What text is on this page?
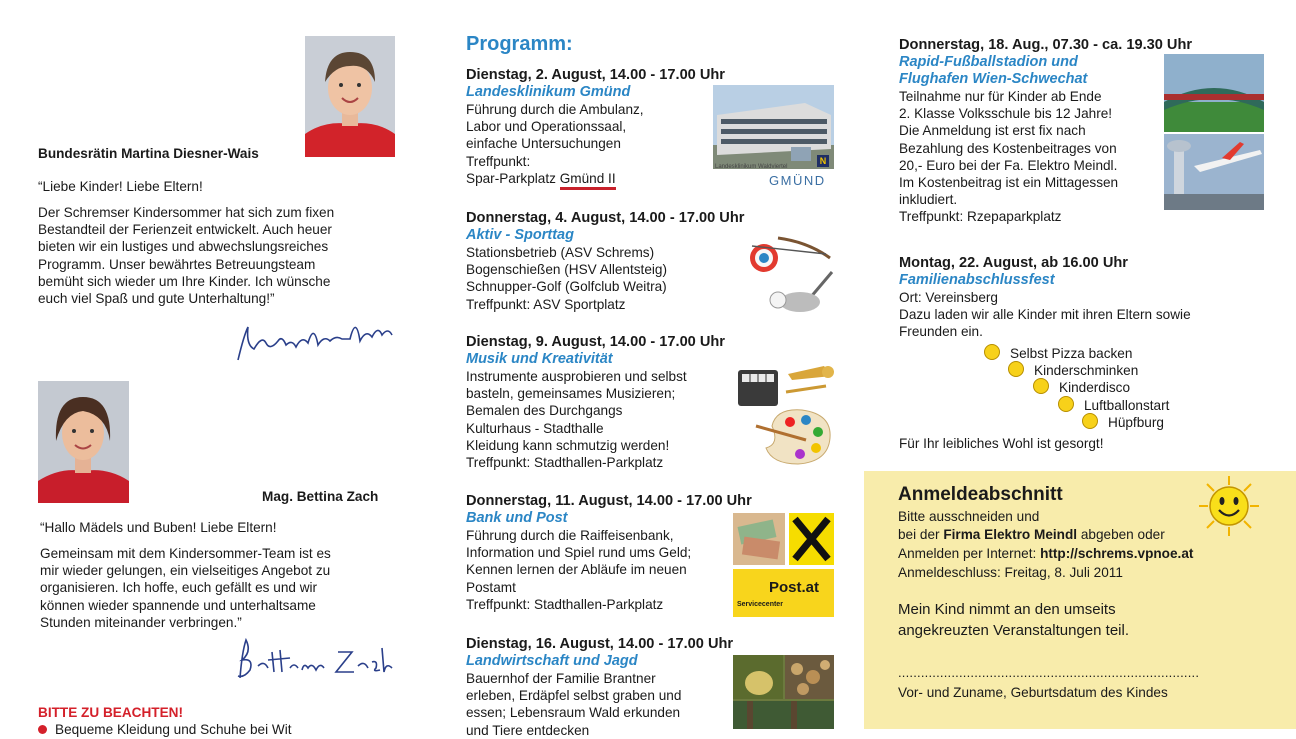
Bundesrätin Martina Diesner-Wais
“Liebe Kinder! Liebe Eltern!
Der Schremser Kindersommer hat sich zum fixen
Bestandteil der Ferienzeit entwickelt. Auch heuer
bieten wir ein lustiges und abwechslungsreiches
Programm. Unser bewährtes Betreuungsteam
bemüht sich wieder um Ihre Kinder. Ich wünsche
euch viel Spaß und gute Unterhaltung!”
Mag. Bettina Zach
“Hallo Mädels und Buben! Liebe Eltern!
Gemeinsam mit dem Kindersommer-Team ist es
mir wieder gelungen, ein vielseitiges Angebot zu
organisieren. Ich hoffe, euch gefällt es und wir
können wieder spannende und unterhaltsame
Stunden miteinander verbringen.”
BITTE ZU BEACHTEN!
Bequeme Kleidung und Schuhe bei Wit
Programm:
Dienstag, 2. August, 14.00 - 17.00 Uhr
Landesklinikum Gmünd
Führung durch die Ambulanz,
Labor und Operationssaal,
einfache Untersuchungen
Treffpunkt:
Spar-Parkplatz Gmünd II
Landesklinikum Waldviertel
N
GMÜND
Donnerstag, 4. August, 14.00 - 17.00 Uhr
Aktiv - Sporttag
Stationsbetrieb (ASV Schrems)
Bogenschießen (HSV Allentsteig)
Schnupper-Golf (Golfclub Weitra)
Treffpunkt: ASV Sportplatz
Dienstag, 9. August, 14.00 - 17.00 Uhr
Musik und Kreativität
Instrumente ausprobieren und selbst
basteln, gemeinsames Musizieren;
Bemalen des Durchgangs
Kulturhaus - Stadthalle
Kleidung kann schmutzig werden!
Treffpunkt: Stadthallen-Parkplatz
Donnerstag, 11. August, 14.00 - 17.00 Uhr
Bank und Post
Führung durch die Raiffeisenbank,
Information und Spiel rund ums Geld;
Kennen lernen der Abläufe im neuen
Postamt
Treffpunkt: Stadthallen-Parkplatz
Post.at
Servicecenter
Dienstag, 16. August, 14.00 - 17.00 Uhr
Landwirtschaft und Jagd
Bauernhof der Familie Brantner
erleben, Erdäpfel selbst graben und
essen; Lebensraum Wald erkunden
und Tiere entdecken
Donnerstag, 18. Aug., 07.30 - ca. 19.30 Uhr
Rapid-Fußballstadion und
Flughafen Wien-Schwechat
Teilnahme nur für Kinder ab Ende
2. Klasse Volksschule bis 12 Jahre!
Die Anmeldung ist erst fix nach
Bezahlung des Kostenbeitrages von
20,- Euro bei der Fa. Elektro Meindl.
Im Kostenbeitrag ist ein Mittagessen
inkludiert.
Treffpunkt: Rzepaparkplatz
Montag, 22. August, ab 16.00 Uhr
Familienabschlussfest
Ort: Vereinsberg
Dazu laden wir alle Kinder mit ihren Eltern sowie
Freunden ein.
Selbst Pizza backen
Kinderschminken
Kinderdisco
Luftballonstart
Hüpfburg
Für Ihr leibliches Wohl ist gesorgt!
Anmeldeabschnitt
Bitte ausschneiden und
bei der Firma Elektro Meindl abgeben oder
Anmelden per Internet: http://schrems.vpnoe.at
Anmeldeschluss: Freitag, 8. Juli 2011
Mein Kind nimmt an den umseits
angekreuzten Veranstaltungen teil.
...............................................................................
Vor- und Zuname, Geburtsdatum des Kindes
